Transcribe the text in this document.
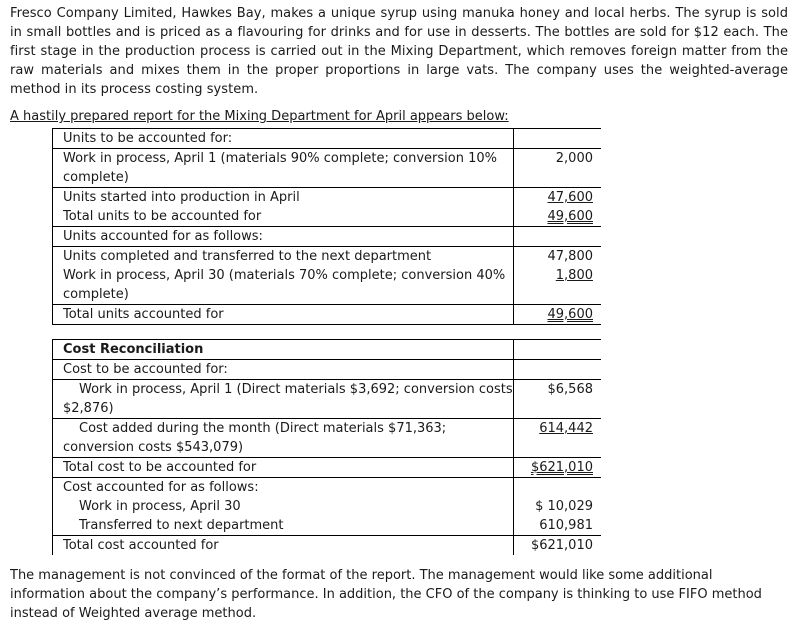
Fresco Company Limited, Hawkes Bay, makes a unique syrup using manuka honey and local herbs. The syrup is sold in small bottles and is priced as a flavouring for drinks and for use in desserts. The bottles are sold for $12 each. The first stage in the production process is carried out in the Mixing Department, which removes foreign matter from the raw materials and mixes them in the proper proportions in large vats. The company uses the weighted-average method in its process costing system.
A hastily prepared report for the Mixing Department for April appears below:
Units to be accounted for:	
Work in process, April 1 (materials 90% complete; conversion 10% complete)	2,000
Units started into production in April	47,600
Total units to be accounted for	49,600
Units accounted for as follows:	
Units completed and transferred to the next department	47,800
Work in process, April 30 (materials 70% complete; conversion 40% complete)	1,800
Total units accounted for	49,600
Cost Reconciliation	
Cost to be accounted for:	
Work in process, April 1 (Direct materials $3,692; conversion costs $2,876)	$6,568
Cost added during the month (Direct materials $71,363; conversion costs $543,079)	614,442
Total cost to be accounted for	$621,010
Cost accounted for as follows:	
Work in process, April 30	$ 10,029
Transferred to next department	610,981
Total cost accounted for	$621,010
The management is not convinced of the format of the report. The management would like some additional information about the company’s performance. In addition, the CFO of the company is thinking to use FIFO method instead of Weighted average method.
